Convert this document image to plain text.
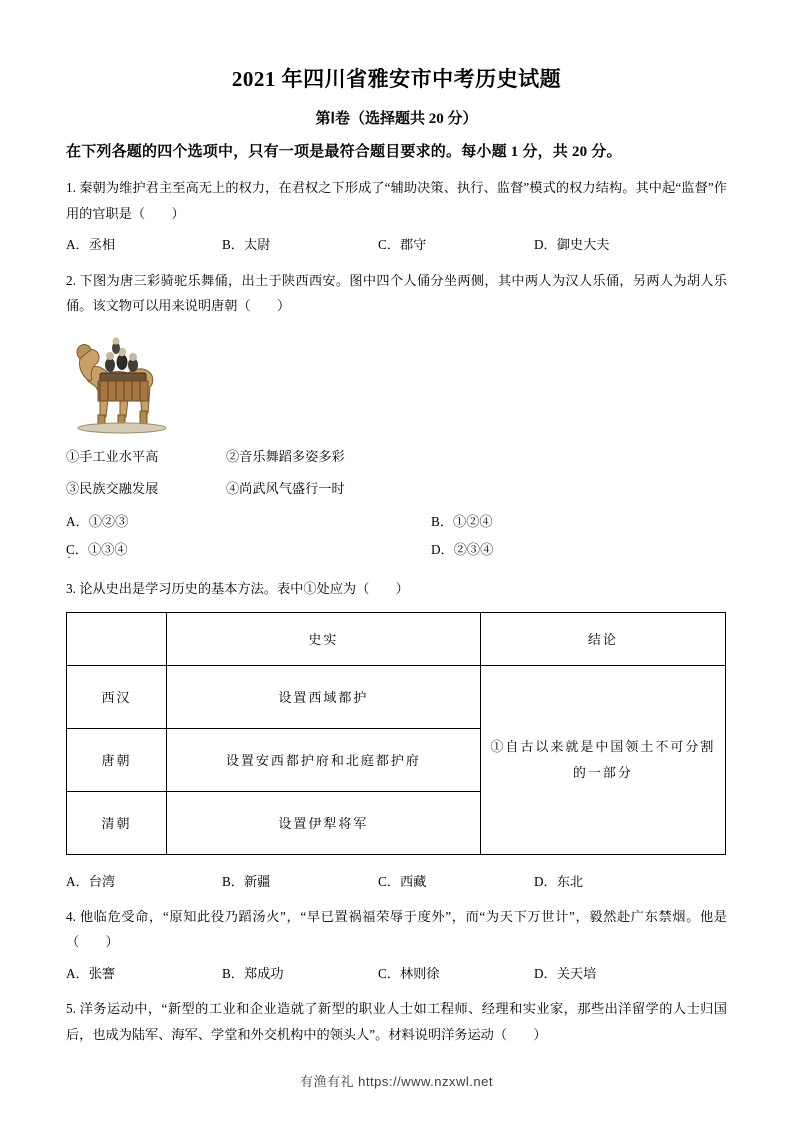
2021 年四川省雅安市中考历史试题
第Ⅰ卷（选择题共 20 分）
在下列各题的四个选项中，只有一项是最符合题目要求的。每小题 1 分，共 20 分。
1. 秦朝为维护君主至高无上的权力，在君权之下形成了“辅助决策、执行、监督”模式的权力结构。其中起“监督”作用的官职是（　　）
A．丞相	B．太尉	C．郡守	D．御史大夫
2. 下图为唐三彩骑驼乐舞俑，出土于陕西西安。图中四个人俑分坐两侧，其中两人为汉人乐俑，另两人为胡人乐俑。该文物可以用来说明唐朝（　　）
①手工业水平高	②音乐舞蹈多姿多彩
③民族交融发展	④尚武风气盛行一时
A．①②③	B．①②④
C．①③④ ·	D．②③④
3. 论从史出是学习历史的基本方法。表中①处应为（　　）
	史实	结论
西汉	设置西域都护	①自古以来就是中国领土不可分割的一部分
唐朝	设置安西都护府和北庭都护府	
清朝	设置伊犁将军	
A．台湾	B．新疆	C．西藏	D．东北
4. 他临危受命，“原知此役乃蹈汤火”，“早已置祸福荣辱于度外”，而“为天下万世计”，毅然赴广东禁烟。他是（　　）
A．张謇	B．郑成功	C．林则徐	D．关天培
5. 洋务运动中，“新型的工业和企业造就了新型的职业人士如工程师、经理和实业家，那些出洋留学的人士归国后，也成为陆军、海军、学堂和外交机构中的领头人”。材料说明洋务运动（　　）
有渔有礼 https://www.nzxwl.net
